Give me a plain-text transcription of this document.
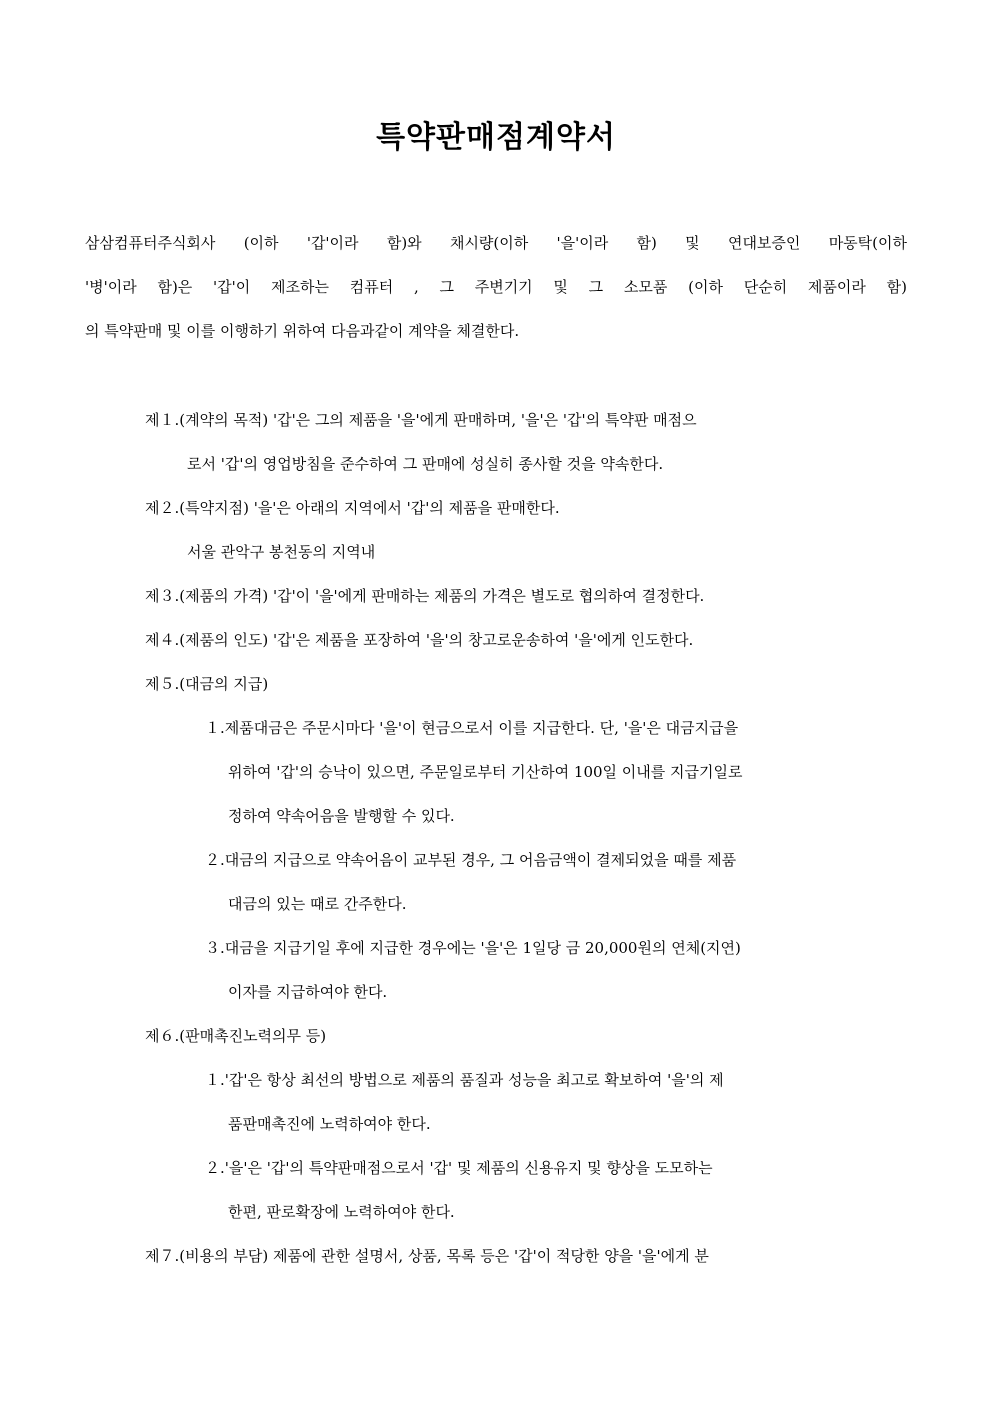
특약판매점계약서
삼삼컴퓨터주식회사 (이하 '갑'이라 함)와 채시량(이하 '을'이라 함) 및 연대보증인 마동탁(이하
'병'이라 함)은 '갑'이 제조하는 컴퓨터 , 그 주변기기 및 그 소모품 (이하 단순히 제품이라 함)
의 특약판매 및 이를 이행하기 위하여 다음과같이 계약을 체결한다.
제１.(계약의 목적) '갑'은 그의 제품을 '을'에게 판매하며, '을'은 '갑'의 특약판 매점으
로서 '갑'의 영업방침을 준수하여 그 판매에 성실히 종사할 것을 약속한다.
제２.(특약지점) '을'은 아래의 지역에서 '갑'의 제품을 판매한다.
서울 관악구 봉천동의 지역내
제３.(제품의 가격) '갑'이 '을'에게 판매하는 제품의 가격은 별도로 협의하여 결정한다.
제４.(제품의 인도) '갑'은 제품을 포장하여 '을'의 창고로운송하여 '을'에게 인도한다.
제５.(대금의 지급)
１.제품대금은 주문시마다 '을'이 현금으로서 이를 지급한다. 단, '을'은 대금지급을
위하여 '갑'의 승낙이 있으면, 주문일로부터 기산하여 100일 이내를 지급기일로
정하여 약속어음을 발행할 수 있다.
２.대금의 지급으로 약속어음이 교부된 경우, 그 어음금액이 결제되었을 때를 제품
대금의 있는 때로 간주한다.
３.대금을 지급기일 후에 지급한 경우에는 '을'은 1일당 금 20,000원의 연체(지연)
이자를 지급하여야 한다.
제６.(판매촉진노력의무 등)
１.'갑'은 항상 최선의 방법으로 제품의 품질과 성능을 최고로 확보하여 '을'의 제
품판매촉진에 노력하여야 한다.
２.'을'은 '갑'의 특약판매점으로서 '갑' 및 제품의 신용유지 및 향상을 도모하는
한편, 판로확장에 노력하여야 한다.
제７.(비용의 부담) 제품에 관한 설명서, 상품, 목록 등은 '갑'이 적당한 양을 '을'에게 분
